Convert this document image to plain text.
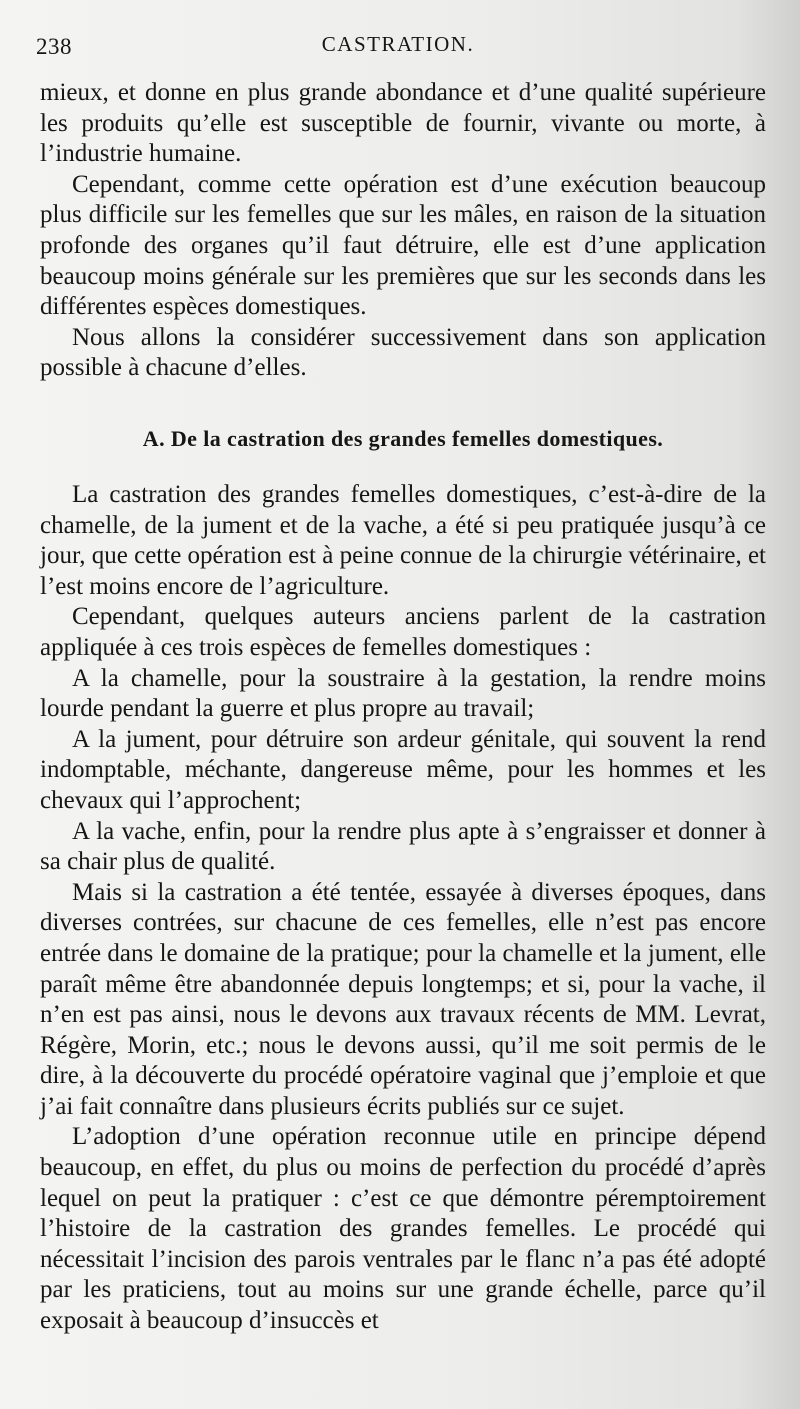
238	CASTRATION.

mieux, et donne en plus grande abondance et d’une qualité supérieure les produits qu’elle est susceptible de fournir, vivante ou morte, à l’industrie humaine.

Cependant, comme cette opération est d’une exécution beaucoup plus difficile sur les femelles que sur les mâles, en raison de la situation profonde des organes qu’il faut détruire, elle est d’une application beaucoup moins générale sur les premières que sur les seconds dans les différentes espèces domestiques.

Nous allons la considérer successivement dans son application possible à chacune d’elles.

A. De la castration des grandes femelles domestiques.

La castration des grandes femelles domestiques, c’est-à-dire de la chamelle, de la jument et de la vache, a été si peu pratiquée jusqu’à ce jour, que cette opération est à peine connue de la chirurgie vétérinaire, et l’est moins encore de l’agriculture.

Cependant, quelques auteurs anciens parlent de la castration appliquée à ces trois espèces de femelles domestiques :

A la chamelle, pour la soustraire à la gestation, la rendre moins lourde pendant la guerre et plus propre au travail;

A la jument, pour détruire son ardeur génitale, qui souvent la rend indomptable, méchante, dangereuse même, pour les hommes et les chevaux qui l’approchent;

A la vache, enfin, pour la rendre plus apte à s’engraisser et donner à sa chair plus de qualité.

Mais si la castration a été tentée, essayée à diverses époques, dans diverses contrées, sur chacune de ces femelles, elle n’est pas encore entrée dans le domaine de la pratique; pour la chamelle et la jument, elle paraît même être abandonnée depuis longtemps; et si, pour la vache, il n’en est pas ainsi, nous le devons aux travaux récents de MM. Levrat, Régère, Morin, etc.; nous le devons aussi, qu’il me soit permis de le dire, à la découverte du procédé opératoire vaginal que j’emploie et que j’ai fait connaître dans plusieurs écrits publiés sur ce sujet.

L’adoption d’une opération reconnue utile en principe dépend beaucoup, en effet, du plus ou moins de perfection du procédé d’après lequel on peut la pratiquer : c’est ce que démontre péremptoirement l’histoire de la castration des grandes femelles. Le procédé qui nécessitait l’incision des parois ventrales par le flanc n’a pas été adopté par les praticiens, tout au moins sur une grande échelle, parce qu’il exposait à beaucoup d’insuccès et
